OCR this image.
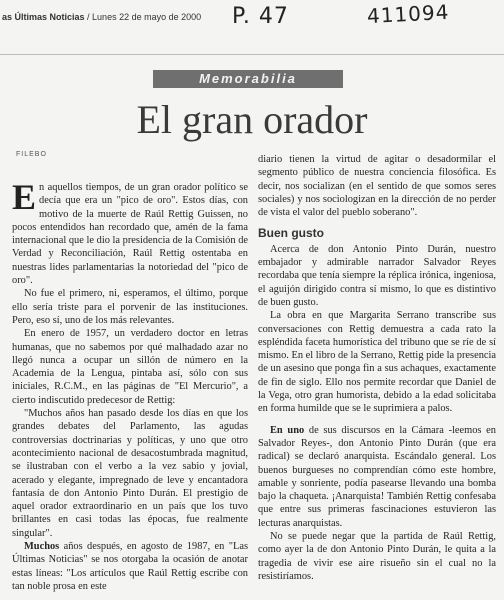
as Últimas Noticias / Lunes 22 de mayo de 2000 P. 47	411094
Memorabilia
El gran orador
FILEBO

En aquellos tiempos, de un gran orador político se decía que era un "pico de oro". Estos días, con motivo de la muerte de Raúl Rettig Guissen, no pocos entendidos han recordado que, amén de la fama internacional que le dio la presidencia de la Comisión de Verdad y Reconciliación, Raúl Rettig ostentaba en nuestras lides parlamentarias la notoriedad del "pico de oro".

No fue el primero, ni, esperamos, el último, porque ello sería triste para el porvenir de las instituciones. Pero, eso sí, uno de los más relevantes.

En enero de 1957, un verdadero doctor en letras humanas, que no sabemos por qué malhadado azar no llegó nunca a ocupar un sillón de número en la Academia de la Lengua, pintaba así, sólo con sus iniciales, R.C.M., en las páginas de "El Mercurio", a cierto indiscutido predecesor de Rettig:

"Muchos años han pasado desde los días en que los grandes debates del Parlamento, las agudas controversias doctrinarias y políticas, y uno que otro acontecimiento nacional de desacostumbrada magnitud, se ilustraban con el verbo a la vez sabio y jovial, acerado y elegante, impregnado de leve y encantadora fantasía de don Antonio Pinto Durán. El prestigio de aquel orador extraordinario en un país que los tuvo brillantes en casi todas las épocas, fue realmente singular".

Muchos años después, en agosto de 1987, en "Las Últimas Noticias" se nos otorgaba la ocasión de anotar estas líneas: "Los artículos que Raúl Rettig escribe con tan noble prosa en este

diario tienen la virtud de agitar o desadormilar el segmento público de nuestra conciencia filosófica. Es decir, nos socializan (en el sentido de que somos seres sociales) y nos sociologizan en la dirección de no perder de vista el valor del pueblo soberano".

Buen gusto

Acerca de don Antonio Pinto Durán, nuestro embajador y admirable narrador Salvador Reyes recordaba que tenía siempre la réplica irónica, ingeniosa, el aguijón dirigido contra sí mismo, lo que es distintivo de buen gusto.

La obra en que Margarita Serrano transcribe sus conversaciones con Rettig demuestra a cada rato la espléndida faceta humorística del tribuno que se ríe de sí mismo. En el libro de la Serrano, Rettig pide la presencia de un asesino que ponga fin a sus achaques, exactamente de fin de siglo. Ello nos permite recordar que Daniel de la Vega, otro gran humorista, debido a la edad solicitaba en forma humilde que se le suprimiera a palos.

En uno de sus discursos en la Cámara -leemos en Salvador Reyes-, don Antonio Pinto Durán (que era radical) se declaró anarquista. Escándalo general. Los buenos burgueses no comprendían cómo este hombre, amable y sonriente, podía pasearse llevando una bomba bajo la chaqueta. ¡Anarquista! También Rettig confesaba que entre sus primeras fascinaciones estuvieron las lecturas anarquistas.

No se puede negar que la partida de Raúl Rettig, como ayer la de don Antonio Pinto Durán, le quita a la tragedia de vivir ese aire risueño sin el cual no la resistiríamos.
